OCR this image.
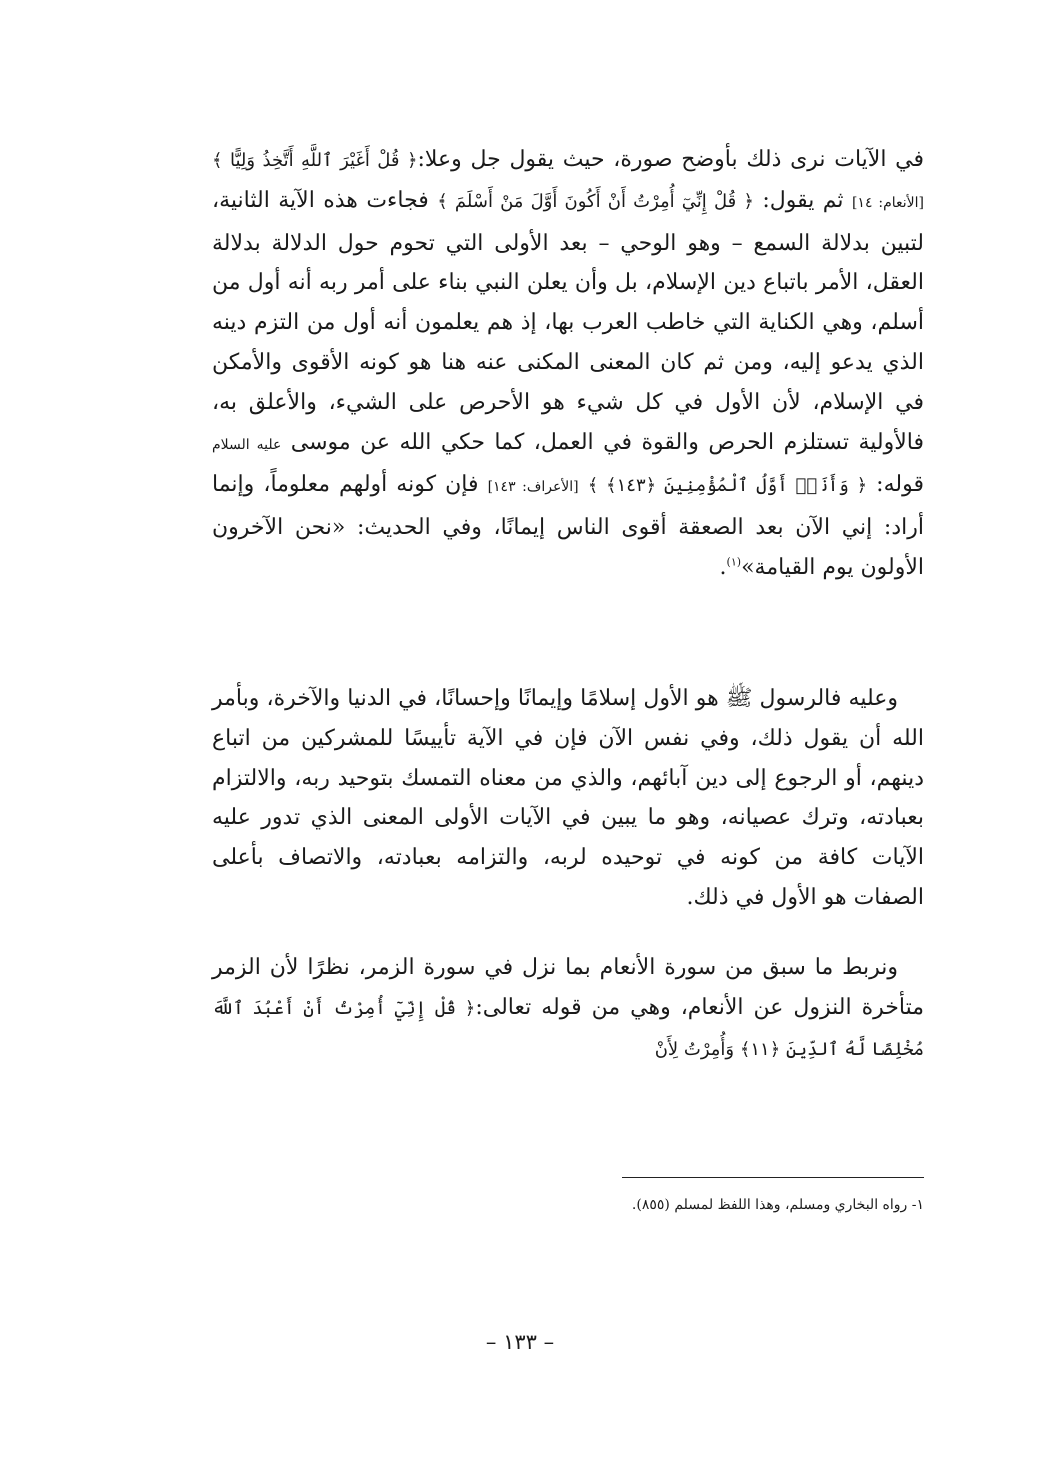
في الآيات نرى ذلك بأوضح صورة، حيث يقول جل وعلا:﴿ قُلْ أَغَيْرَ ٱللَّهِ أَتَّخِذُ وَلِيًّا ﴾ [الأنعام: ١٤] ثم يقول: ﴿ قُلْ إِنِّيٓ أُمِرْتُ أَنْ أَكُونَ أَوَّلَ مَنْ أَسْلَمَ ﴾ فجاءت هذه الآية الثانية، لتبين بدلالة السمع – وهو الوحي – بعد الأولى التي تحوم حول الدلالة بدلالة العقل، الأمر باتباع دين الإسلام، بل وأن يعلن النبي بناء على أمر ربه أنه أول من أسلم، وهي الكناية التي خاطب العرب بها، إذ هم يعلمون أنه أول من التزم دينه الذي يدعو إليه، ومن ثم كان المعنى المكنى عنه هنا هو كونه الأقوى والأمكن في الإسلام، لأن الأول في كل شيء هو الأحرص على الشيء، والأعلق به، فالأولية تستلزم الحرص والقوة في العمل، كما حكي الله عن موسى عليه السلام قوله: ﴿ وَأَنَا۠ أَوَّلُ ٱلْمُؤْمِنِينَ ﴿١٤٣﴾ ﴾ [الأعراف: ١٤٣] فإن كونه أولهم معلوماً، وإنما أراد: إني الآن بعد الصعقة أقوى الناس إيمانًا، وفي الحديث: «نحن الآخرون الأولون يوم القيامة»$^{(١)}$.

وعليه فالرسول ﷺ هو الأول إسلامًا وإيمانًا وإحسانًا، في الدنيا والآخرة، وبأمر الله أن يقول ذلك، وفي نفس الآن فإن في الآية تأييسًا للمشركين من اتباع دينهم، أو الرجوع إلى دين آبائهم، والذي من معناه التمسك بتوحيد ربه، والالتزام بعبادته، وترك عصيانه، وهو ما يبين في الآيات الأولى المعنى الذي تدور عليه الآيات كافة من كونه في توحيده لربه، والتزامه بعبادته، والاتصاف بأعلى الصفات هو الأول في ذلك.

ونربط ما سبق من سورة الأنعام بما نزل في سورة الزمر، نظرًا لأن الزمر متأخرة النزول عن الأنعام، وهي من قوله تعالى:﴿ قُلْ إِنِّيٓ أُمِرْتُ أَنْ أَعْبُدَ ٱللَّهَ مُخْلِصًا لَّهُ ٱلدِّينَ ﴿١١﴾ وَأُمِرْتُ لِأَنْ

١- رواه البخاري ومسلم، وهذا اللفظ لمسلم (٨٥٥).
– ١٣٣ –
